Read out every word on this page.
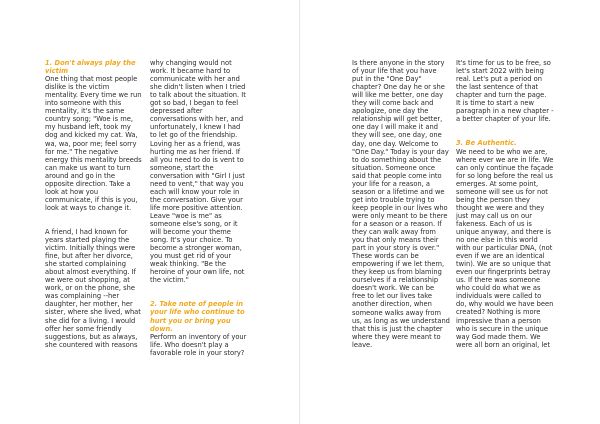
1. Don't always play the
victim
One thing that most people
dislike is the victim
mentality. Every time we run
into someone with this
mentality, it's the same
country song; "Woe is me,
my husband left, took my
dog and kicked my cat. Wa,
wa, wa, poor me; feel sorry
for me." The negative
energy this mentality breeds
can make us want to turn
around and go in the
opposite direction. Take a
look at how you
communicate, if this is you,
look at ways to change it.

A friend, I had known for
years started playing the
victim. Initially things were
fine, but after her divorce,
she started complaining
about almost everything. If
we were out shopping, at
work, or on the phone, she
was complaining --her
daughter, her mother, her
sister, where she lived, what
she did for a living. I would
offer her some friendly
suggestions, but as always,
she countered with reasons

why changing would not
work. It became hard to
communicate with her and
she didn't listen when I tried
to talk about the situation. It
got so bad, I began to feel
depressed after
conversations with her, and
unfortunately, I knew I had
to let go of the friendship.
Loving her as a friend, was
hurting me as her friend. If
all you need to do is vent to
someone, start the
conversation with "Girl I just
need to vent," that way you
each will know your role in
the conversation. Give your
life more positive attention.
Leave "woe is me" as
someone else's song, or it
will become your theme
song. It's your choice. To
become a stronger woman,
you must get rid of your
weak thinking. "Be the
heroine of your own life, not
the victim."

2. Take note of people in
your life who continue to
hurt you or bring you down.
Perform an inventory of your
life. Who doesn't play a
favorable role in your story?

Is there anyone in the story
of your life that you have
put in the "One Day"
chapter? One day he or she
will like me better, one day
they will come back and
apologize, one day the
relationship will get better,
one day I will make it and
they will see, one day, one
day, one day. Welcome to
"One Day." Today is your day
to do something about the
situation. Someone once
said that people come into
your life for a reason, a
season or a lifetime and we
get into trouble trying to
keep people in our lives who
were only meant to be there
for a season or a reason. If
they can walk away from
you that only means their
part in your story is over."
These words can be
empowering if we let them,
they keep us from blaming
ourselves if a relationship
doesn't work. We can be
free to let our lives take
another direction, when
someone walks away from
us, as long as we understand
that this is just the chapter
where they were meant to
leave.

It's time for us to be free, so
let's start 2022 with being
real. Let's put a period on
the last sentence of that
chapter and turn the page.
It is time to start a new
paragraph in a new chapter -
a better chapter of your life.

3. Be Authentic.
We need to be who we are,
where ever we are in life. We
can only continue the façade
for so long before the real us
emerges. At some point,
someone will see us for not
being the person they
thought we were and they
just may call us on our
fakeness. Each of us is
unique anyway, and there is
no one else in this world
with our particular DNA, (not
even if we are an identical
twin). We are so unique that
even our fingerprints betray
us. If there was someone
who could do what we as
individuals were called to
do, why would we have been
created? Nothing is more
impressive than a person
who is secure in the unique
way God made them. We
were all born an original, let
